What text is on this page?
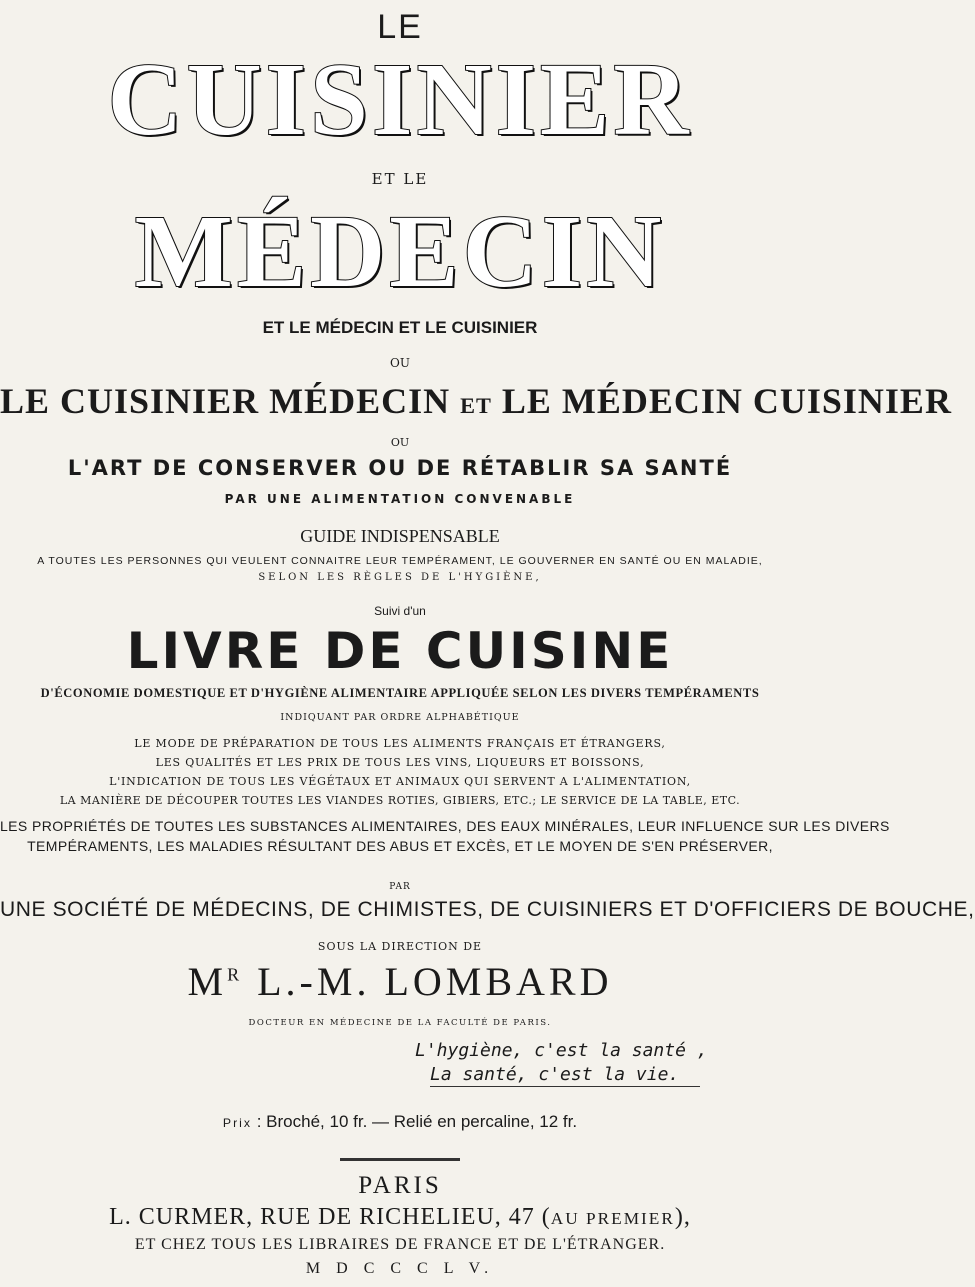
LE
CUISINIER
ET LE
MÉDECIN
ET LE MÉDECIN ET LE CUISINIER
OU
LE CUISINIER MÉDECIN ET LE MÉDECIN CUISINIER
OU
L'ART DE CONSERVER OU DE RÉTABLIR SA SANTÉ
PAR UNE ALIMENTATION CONVENABLE
GUIDE INDISPENSABLE
A TOUTES LES PERSONNES QUI VEULENT CONNAITRE LEUR TEMPÉRAMENT, LE GOUVERNER EN SANTÉ OU EN MALADIE,
SELON LES RÈGLES DE L'HYGIÈNE,
Suivi d'un
LIVRE DE CUISINE
D'ÉCONOMIE DOMESTIQUE ET D'HYGIÈNE ALIMENTAIRE APPLIQUÉE SELON LES DIVERS TEMPÉRAMENTS
INDIQUANT PAR ORDRE ALPHABÉTIQUE
LE MODE DE PRÉPARATION DE TOUS LES ALIMENTS FRANÇAIS ET ÉTRANGERS,
LES QUALITÉS ET LES PRIX DE TOUS LES VINS, LIQUEURS ET BOISSONS,
L'INDICATION DE TOUS LES VÉGÉTAUX ET ANIMAUX QUI SERVENT A L'ALIMENTATION,
LA MANIÈRE DE DÉCOUPER TOUTES LES VIANDES ROTIES, GIBIERS, ETC.; LE SERVICE DE LA TABLE, ETC.
LES PROPRIÉTÉS DE TOUTES LES SUBSTANCES ALIMENTAIRES, DES EAUX MINÉRALES, LEUR INFLUENCE SUR LES DIVERS
TEMPÉRAMENTS, LES MALADIES RÉSULTANT DES ABUS ET EXCÈS, ET LE MOYEN DE S'EN PRÉSERVER,
PAR
UNE SOCIÉTÉ DE MÉDECINS, DE CHIMISTES, DE CUISINIERS ET D'OFFICIERS DE BOUCHE,
SOUS LA DIRECTION DE
$M^R$ L.-M. LOMBARD
DOCTEUR EN MÉDECINE DE LA FACULTÉ DE PARIS.
L'hygiène, c'est la santé ,
La santé, c'est la vie.
Prix : Broché, 10 fr. — Relié en percaline, 12 fr.
PARIS
L. CURMER, RUE DE RICHELIEU, 47 (AU PREMIER),
ET CHEZ TOUS LES LIBRAIRES DE FRANCE ET DE L'ÉTRANGER.
M D C C C L V.
